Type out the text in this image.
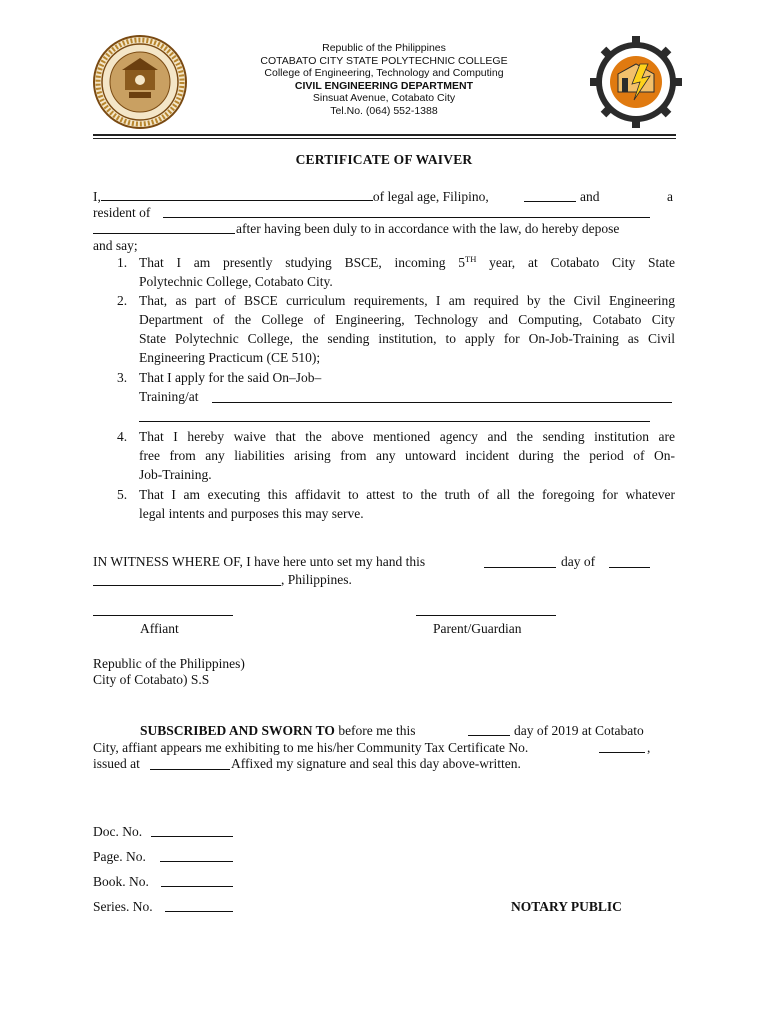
Republic of the Philippines
COTABATO CITY STATE POLYTECHNIC COLLEGE
College of Engineering, Technology and Computing
CIVIL ENGINEERING DEPARTMENT
Sinsuat Avenue, Cotabato City
Tel.No. (064) 552-1388
CERTIFICATE OF WAIVER
I,	of legal age, Filipino,	and	a
resident of
after having been duly to in accordance with the law, do hereby depose
and say;
1. That I am presently studying BSCE, incoming 5TH year, at Cotabato City State
Polytechnic College, Cotabato City.
2. That, as part of BSCE curriculum requirements, I am required by the Civil Engineering
Department of the College of Engineering, Technology and Computing, Cotabato City
State Polytechnic College, the sending institution, to apply for On-Job-Training as Civil
Engineering Practicum (CE 510);
3. That I apply for the said On–Job–
Training/at
4. That I hereby waive that the above mentioned agency and the sending institution are
free from any liabilities arising from any untoward incident during the period of On-
Job-Training.
5. That I am executing this affidavit to attest to the truth of all the foregoing for whatever
legal intents and purposes this may serve.
IN WITNESS WHERE OF, I have here unto set my hand this	day of
, Philippines.
Affiant	Parent/Guardian
Republic of the Philippines)
City of Cotabato) S.S
SUBSCRIBED AND SWORN TO before me this	day of 2019 at Cotabato
City, affiant appears me exhibiting to me his/her Community Tax Certificate No.	,
issued at	Affixed my signature and seal this day above-written.
Doc. No.
Page. No.
Book. No.
Series. No.	NOTARY PUBLIC
